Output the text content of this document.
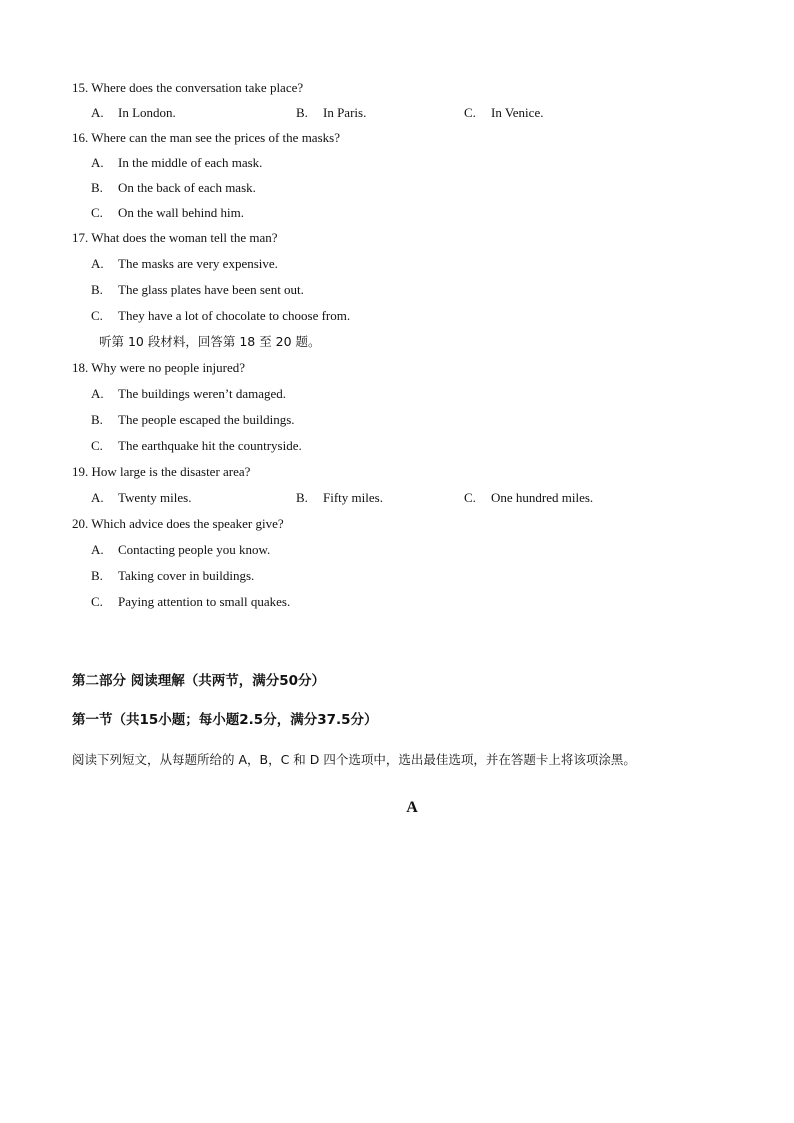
15. Where does the conversation take place?
A. In London.	B. In Paris.	C. In Venice.
16. Where can the man see the prices of the masks?
A. In the middle of each mask.
B. On the back of each mask.
C. On the wall behind him.
17. What does the woman tell the man?
A. The masks are very expensive.
B. The glass plates have been sent out.
C. They have a lot of chocolate to choose from.
听第 10 段材料，回答第 18 至 20 题。
18. Why were no people injured?
A. The buildings weren’t damaged.
B. The people escaped the buildings.
C. The earthquake hit the countryside.
19. How large is the disaster area?
A. Twenty miles.	B. Fifty miles.	C. One hundred miles.
20. Which advice does the speaker give?
A. Contacting people you know.
B. Taking cover in buildings.
C. Paying attention to small quakes.
第二部分 阅读理解（共两节，满分50分）
第一节（共15小题；每小题2.5分，满分37.5分）
阅读下列短文，从每题所给的 A，B，C 和 D 四个选项中，选出最佳选项，并在答题卡上将该项涂黑。
A
